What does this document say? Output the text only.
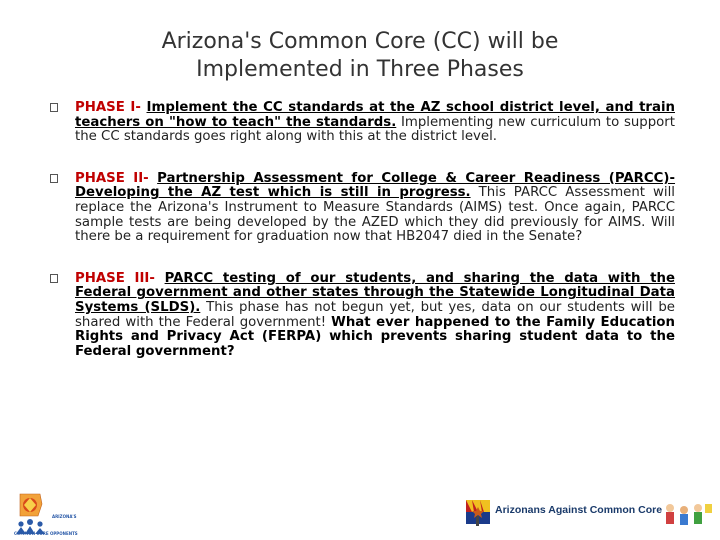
Arizona's Common Core (CC) will be
Implemented in Three Phases
PHASE I- Implement the CC standards at the AZ school district level, and train teachers on "how to teach" the standards. Implementing new curriculum to support the CC standards goes right along with this at the district level.
PHASE II- Partnership Assessment for College & Career Readiness (PARCC)- Developing the AZ test which is still in progress. This PARCC Assessment will replace the Arizona's Instrument to Measure Standards (AIMS) test. Once again, PARCC sample tests are being developed by the AZED which they did previously for AIMS. Will there be a requirement for graduation now that HB2047 died in the Senate?
PHASE III- PARCC testing of our students, and sharing the data with the Federal government and other states through the Statewide Longitudinal Data Systems (SLDS). This phase has not begun yet, but yes, data on our students will be shared with the Federal government! What ever happened to the Family Education Rights and Privacy Act (FERPA) which prevents sharing student data to the Federal government?
ARIZONA'S
COMMON CORE OPPONENTS
Arizonans Against Common Core
